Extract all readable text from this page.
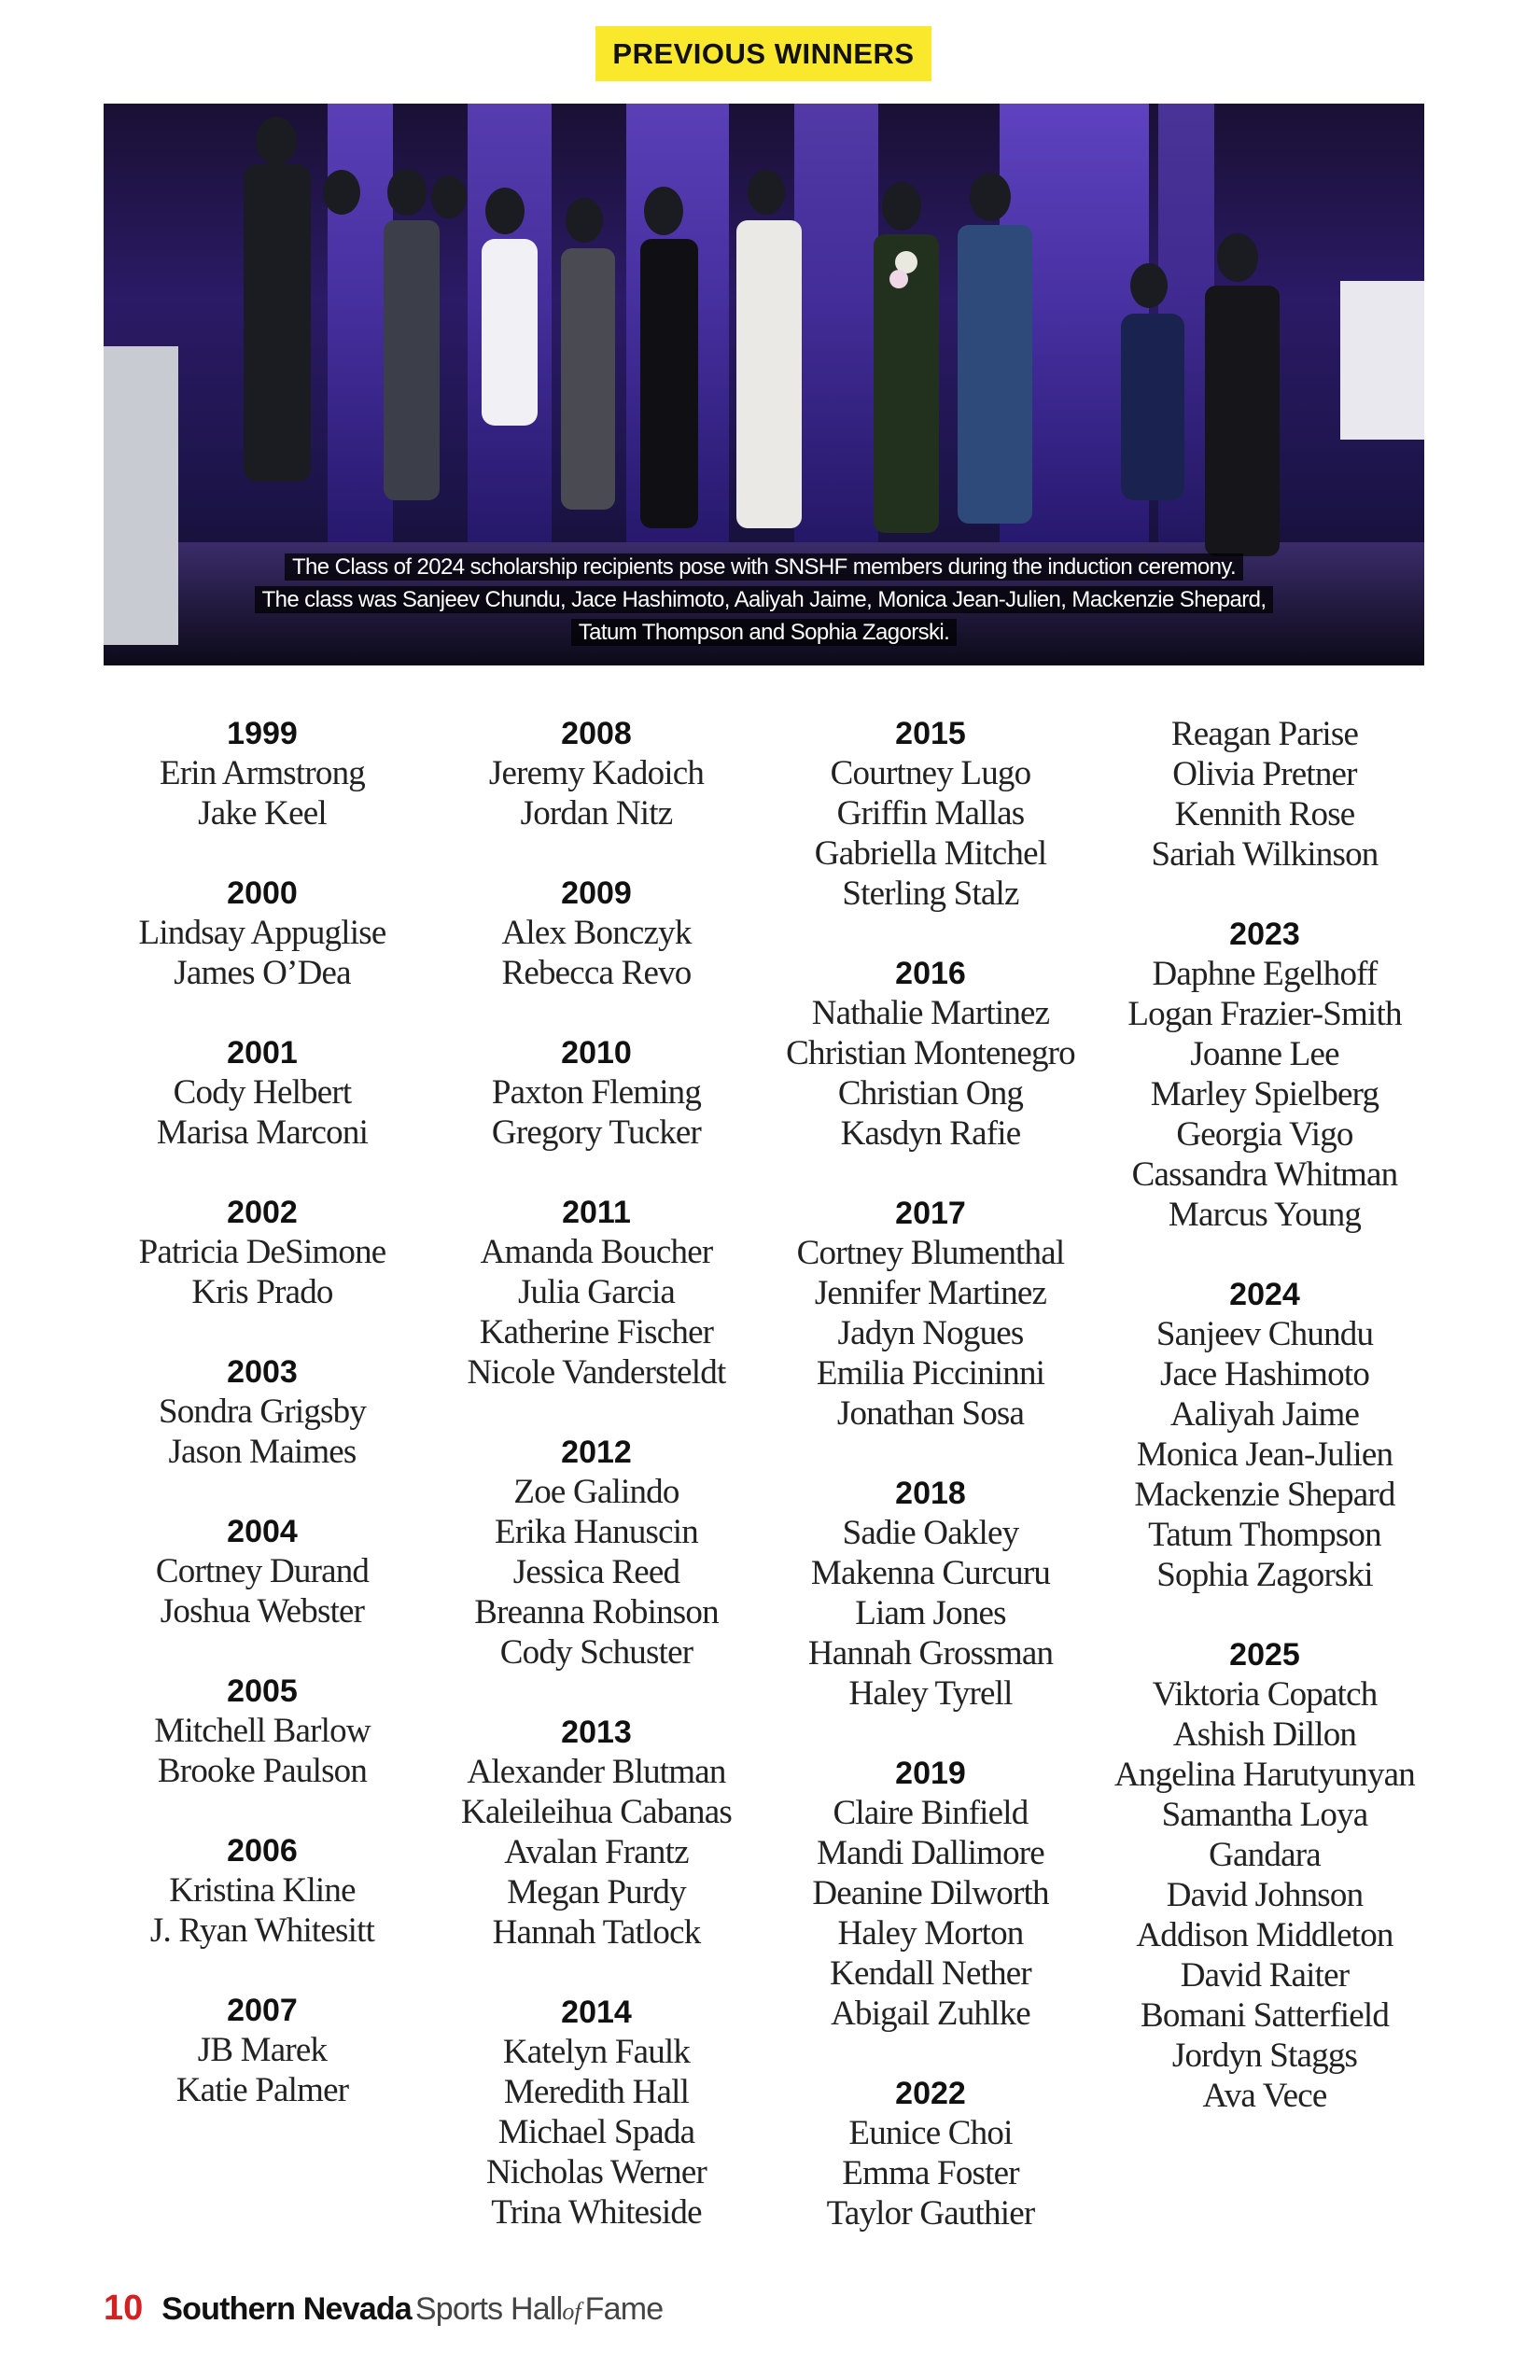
PREVIOUS WINNERS
The Class of 2024 scholarship recipients pose with SNSHF members during the induction ceremony.
The class was Sanjeev Chundu, Jace Hashimoto, Aaliyah Jaime, Monica Jean-Julien, Mackenzie Shepard,
Tatum Thompson and Sophia Zagorski.
1999
Erin Armstrong
Jake Keel
2000
Lindsay Appuglise
James O’Dea
2001
Cody Helbert
Marisa Marconi
2002
Patricia DeSimone
Kris Prado
2003
Sondra Grigsby
Jason Maimes
2004
Cortney Durand
Joshua Webster
2005
Mitchell Barlow
Brooke Paulson
2006
Kristina Kline
J. Ryan Whitesitt
2007
JB Marek
Katie Palmer
2008
Jeremy Kadoich
Jordan Nitz
2009
Alex Bonczyk
Rebecca Revo
2010
Paxton Fleming
Gregory Tucker
2011
Amanda Boucher
Julia Garcia
Katherine Fischer
Nicole Vandersteldt
2012
Zoe Galindo
Erika Hanuscin
Jessica Reed
Breanna Robinson
Cody Schuster
2013
Alexander Blutman
Kaleileihua Cabanas
Avalan Frantz
Megan Purdy
Hannah Tatlock
2014
Katelyn Faulk
Meredith Hall
Michael Spada
Nicholas Werner
Trina Whiteside
2015
Courtney Lugo
Griffin Mallas
Gabriella Mitchel
Sterling Stalz
2016
Nathalie Martinez
Christian Montenegro
Christian Ong
Kasdyn Rafie
2017
Cortney Blumenthal
Jennifer Martinez
Jadyn Nogues
Emilia Piccininni
Jonathan Sosa
2018
Sadie Oakley
Makenna Curcuru
Liam Jones
Hannah Grossman
Haley Tyrell
2019
Claire Binfield
Mandi Dallimore
Deanine Dilworth
Haley Morton
Kendall Nether
Abigail Zuhlke
2022
Eunice Choi
Emma Foster
Taylor Gauthier
Reagan Parise
Olivia Pretner
Kennith Rose
Sariah Wilkinson
2023
Daphne Egelhoff
Logan Frazier-Smith
Joanne Lee
Marley Spielberg
Georgia Vigo
Cassandra Whitman
Marcus Young
2024
Sanjeev Chundu
Jace Hashimoto
Aaliyah Jaime
Monica Jean-Julien
Mackenzie Shepard
Tatum Thompson
Sophia Zagorski
2025
Viktoria Copatch
Ashish Dillon
Angelina Harutyunyan
Samantha Loya
Gandara
David Johnson
Addison Middleton
David Raiter
Bomani Satterfield
Jordyn Staggs
Ava Vece
10 Southern Nevada Sports Hall of Fame
